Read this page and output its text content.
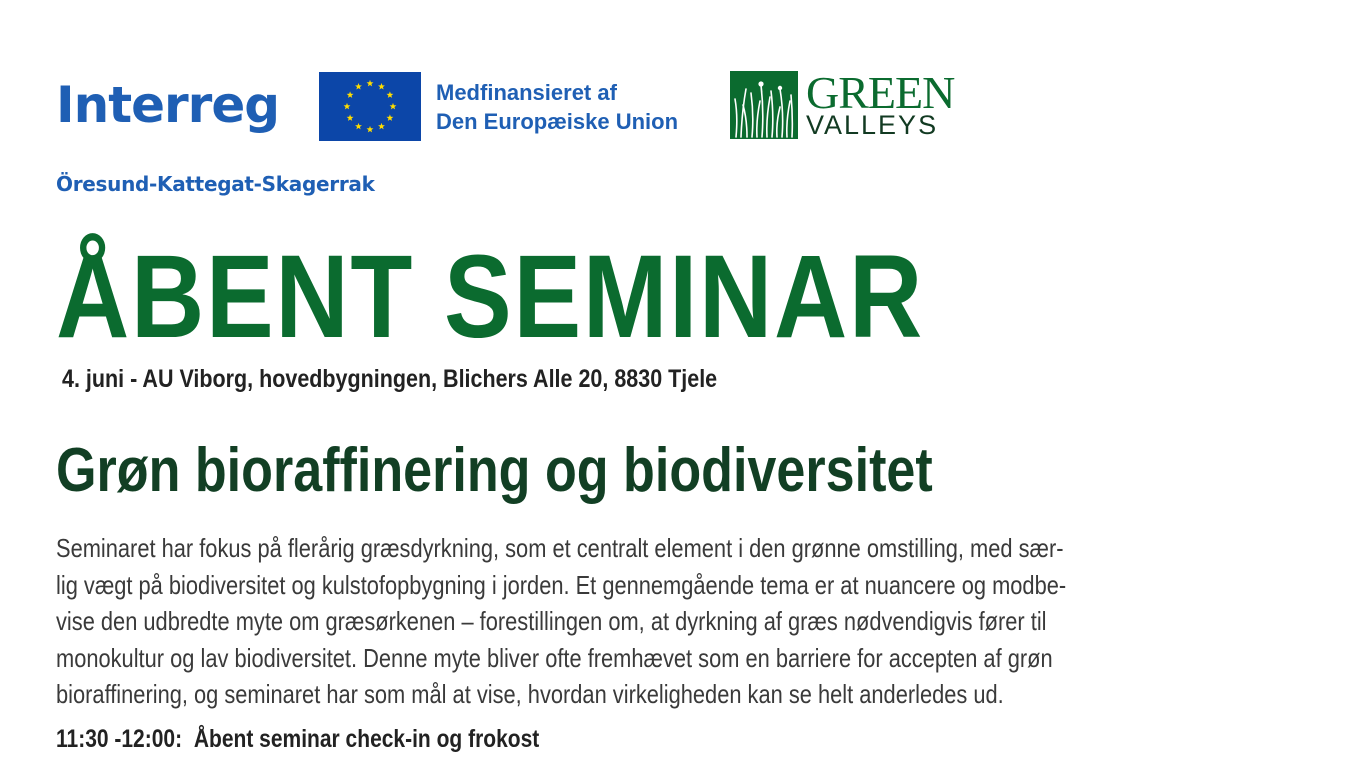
Interreg
Öresund-Kattegat-Skagerrak
Medfinansieret af
Den Europæiske Union
GREEN
VALLEYS
ÅBENT SEMINAR
4. juni - AU Viborg, hovedbygningen, Blichers Alle 20, 8830 Tjele
Grøn bioraffinering og biodiversitet
Seminaret har fokus på flerårig græsdyrkning, som et centralt element i den grønne omstilling, med sær-
lig vægt på biodiversitet og kulstofopbygning i jorden. Et gennemgående tema er at nuancere og modbe-
vise den udbredte myte om græsørkenen – forestillingen om, at dyrkning af græs nødvendigvis fører til
monokultur og lav biodiversitet. Denne myte bliver ofte fremhævet som en barriere for accepten af grøn
bioraffinering, og seminaret har som mål at vise, hvordan virkeligheden kan se helt anderledes ud.
11:30 -12:00: Åbent seminar check-in og frokost
